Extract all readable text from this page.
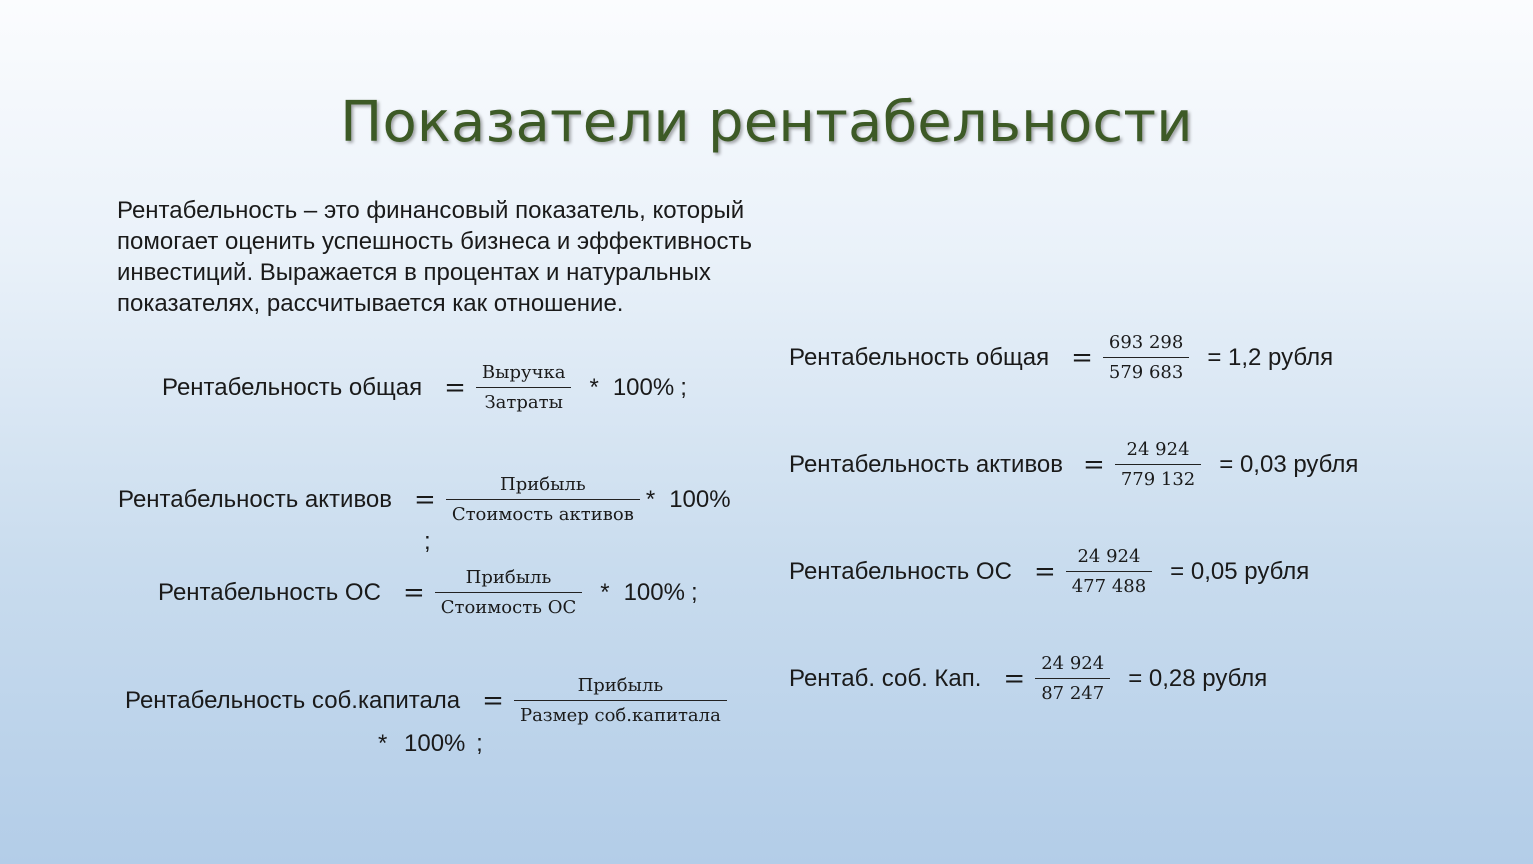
Показатели рентабельности
Рентабельность – это финансовый показатель, который помогает оценить успешность бизнеса и эффективность инвестиций. Выражается в процентах и натуральных показателях, рассчитывается как отношение.
Рентабельность общая = $\frac{\text{Выручка}}{\text{Затраты}} * 100\%$ ;
Рентабельность активов = $\frac{\text{Прибыль}}{\text{Стоимость активов}} * 100\%$
;
Рентабельность ОС = $\frac{\text{Прибыль}}{\text{Стоимость ОС}} * 100\%$ ;
Рентабельность соб.капитала = $\frac{\text{Прибыль}}{\text{Размер соб.капитала}}$
* 100% ;
Рентабельность общая = $\frac{693 298}{579 683} = 1,2$ рубля
Рентабельность активов = $\frac{24 924}{779 132} = 0,03$ рубля
Рентабельность ОС = $\frac{24 924}{477 488} = 0,05$ рубля
Рентаб. соб. Кап. = $\frac{24 924}{87 247} = 0,28$ рубля
